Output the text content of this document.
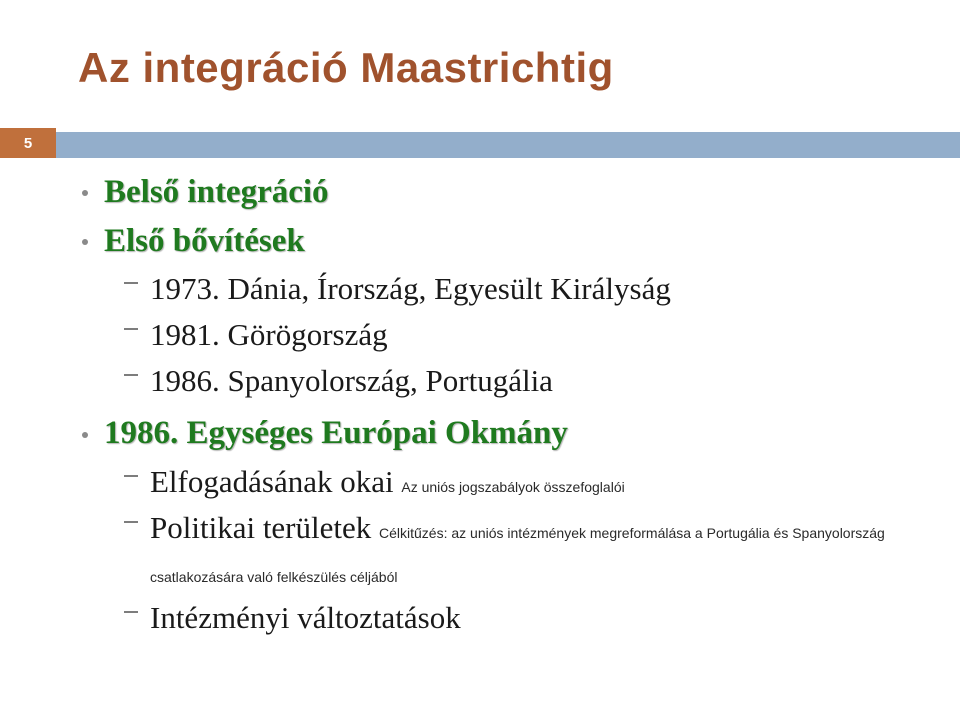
Az integráció Maastrichtig
5
Belső integráció
Első bővítések
1973. Dánia, Írország, Egyesült Királyság
1981. Görögország
1986. Spanyolország, Portugália
1986. Egységes Európai Okmány
Elfogadásának okai Az uniós jogszabályok összefoglalói
Politikai területek Célkitűzés: az uniós intézmények megreformálása a Portugália és Spanyolország csatlakozására való felkészülés céljából
Intézményi változtatások
